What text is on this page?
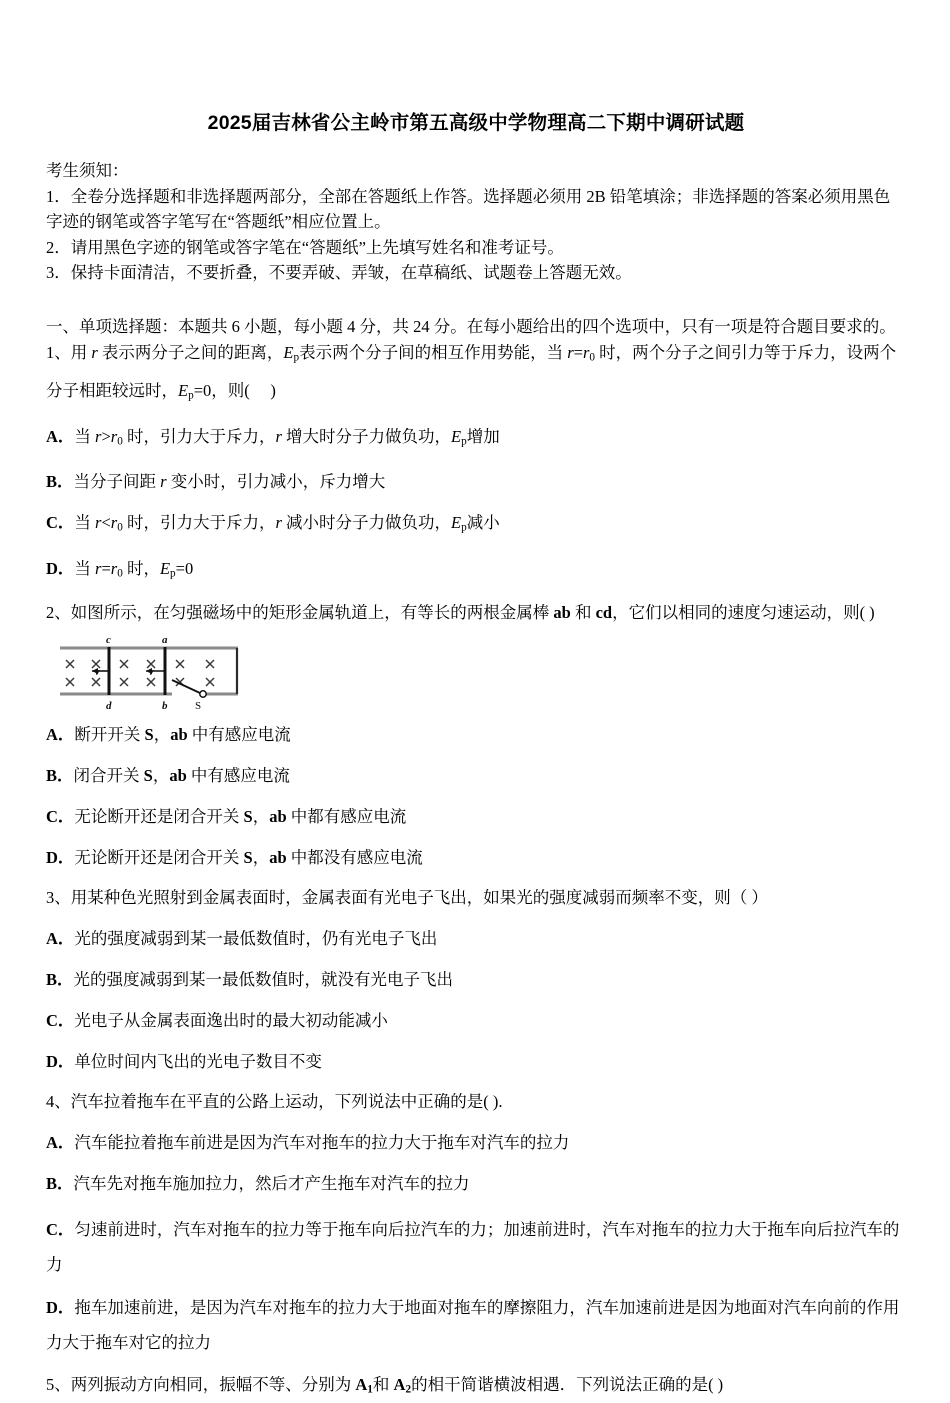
2025届吉林省公主岭市第五高级中学物理高二下期中调研试题

考生须知：

1．全卷分选择题和非选择题两部分，全部在答题纸上作答。选择题必须用 2B 铅笔填涂；非选择题的答案必须用黑色字迹的钢笔或答字笔写在“答题纸”相应位置上。

2．请用黑色字迹的钢笔或答字笔在“答题纸”上先填写姓名和准考证号。

3．保持卡面清洁，不要折叠，不要弄破、弄皱，在草稿纸、试题卷上答题无效。

一、单项选择题：本题共 6 小题，每小题 4 分，共 24 分。在每小题给出的四个选项中，只有一项是符合题目要求的。
1、用 r 表示两分子之间的距离，$E_p$表示两个分子间的相互作用势能，当 $r=r_0$ 时，两个分子之间引力等于斥力，设两个
分子相距较远时，$E_p=0$，则(     )
A．当 $r>r_0$ 时，引力大于斥力，r 增大时分子力做负功，$E_p$增加
B．当分子间距 r 变小时，引力减小，斥力增大
C．当 $r<r_0$ 时，引力大于斥力，r 减小时分子力做负功，$E_p$减小
D．当 $r=r_0$ 时，$E_p=0$
2、如图所示，在匀强磁场中的矩形金属轨道上，有等长的两根金属棒 ab 和 cd，它们以相同的速度匀速运动，则( )
c	a
d	b	S
v	v
A．断开开关 S，ab 中有感应电流
B．闭合开关 S，ab 中有感应电流
C．无论断开还是闭合开关 S，ab 中都有感应电流
D．无论断开还是闭合开关 S，ab 中都没有感应电流
3、用某种色光照射到金属表面时，金属表面有光电子飞出，如果光的强度减弱而频率不变，则（ ）
A．光的强度减弱到某一最低数值时，仍有光电子飞出
B．光的强度减弱到某一最低数值时，就没有光电子飞出
C．光电子从金属表面逸出时的最大初动能减小
D．单位时间内飞出的光电子数目不变
4、汽车拉着拖车在平直的公路上运动，下列说法中正确的是( ).
A．汽车能拉着拖车前进是因为汽车对拖车的拉力大于拖车对汽车的拉力
B．汽车先对拖车施加拉力，然后才产生拖车对汽车的拉力
C．匀速前进时，汽车对拖车的拉力等于拖车向后拉汽车的力；加速前进时，汽车对拖车的拉力大于拖车向后拉汽车的力
D．拖车加速前进，是因为汽车对拖车的拉力大于地面对拖车的摩擦阻力，汽车加速前进是因为地面对汽车向前的作用力大于拖车对它的拉力
5、两列振动方向相同，振幅不等、分别为 $A_1$和 $A_2$的相干简谐横波相遇．下列说法正确的是( )
